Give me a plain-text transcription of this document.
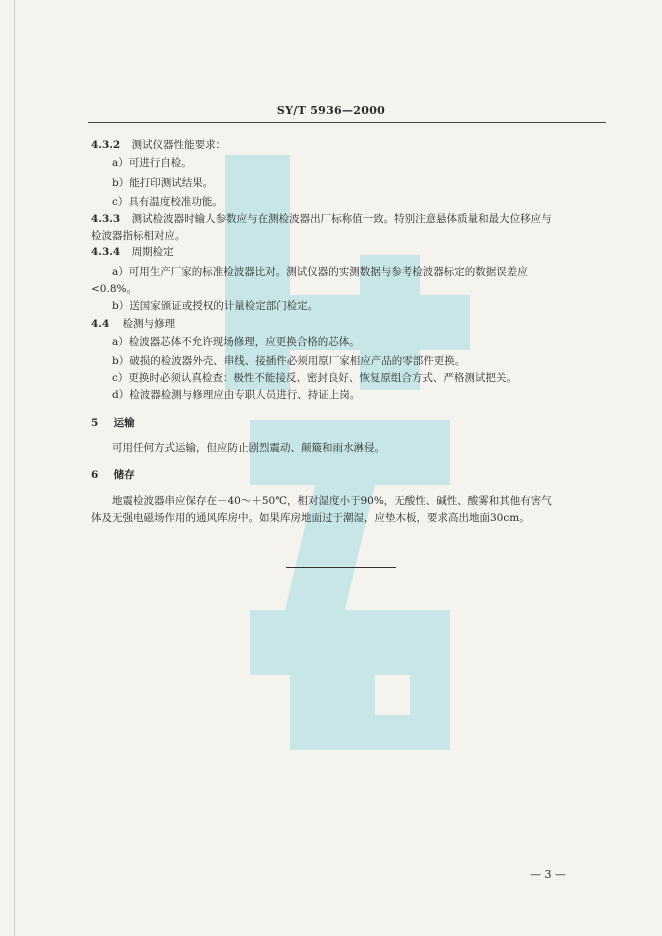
SY/T 5936—2000
4.3.2 测试仪器性能要求：
a）可进行自检。
b）能打印测试结果。
c）具有温度校准功能。
4.3.3 测试检波器时输人参数应与在测检波器出厂标称值一致。特别注意悬体质量和最大位移应与
检波器指标相对应。
4.3.4 周期检定
a）可用生产厂家的标准检波器比对。测试仪器的实测数据与参考检波器标定的数据误差应
<0.8%。
b）送国家颁证或授权的计量检定部门检定。
4.4 检测与修理
a）检波器芯体不允许现场修理，应更换合格的芯体。
b）破损的检波器外壳、串线、接插件必须用原厂家相应产品的零部件更换。
c）更换时必须认真检查：极性不能接反、密封良好、恢复原组合方式、严格测试把关。
d）检波器检测与修理应由专职人员进行、持证上岗。
5 运输
可用任何方式运输，但应防止剧烈震动、颠簸和雨水淋侵。
6 储存
地震检波器串应保存在－40～＋50℃，相对湿度小于90%，无酸性、碱性、酸雾和其他有害气
体及无强电磁场作用的通风库房中。如果库房地面过于潮湿，应垫木板，要求高出地面30cm。
— 3 —
